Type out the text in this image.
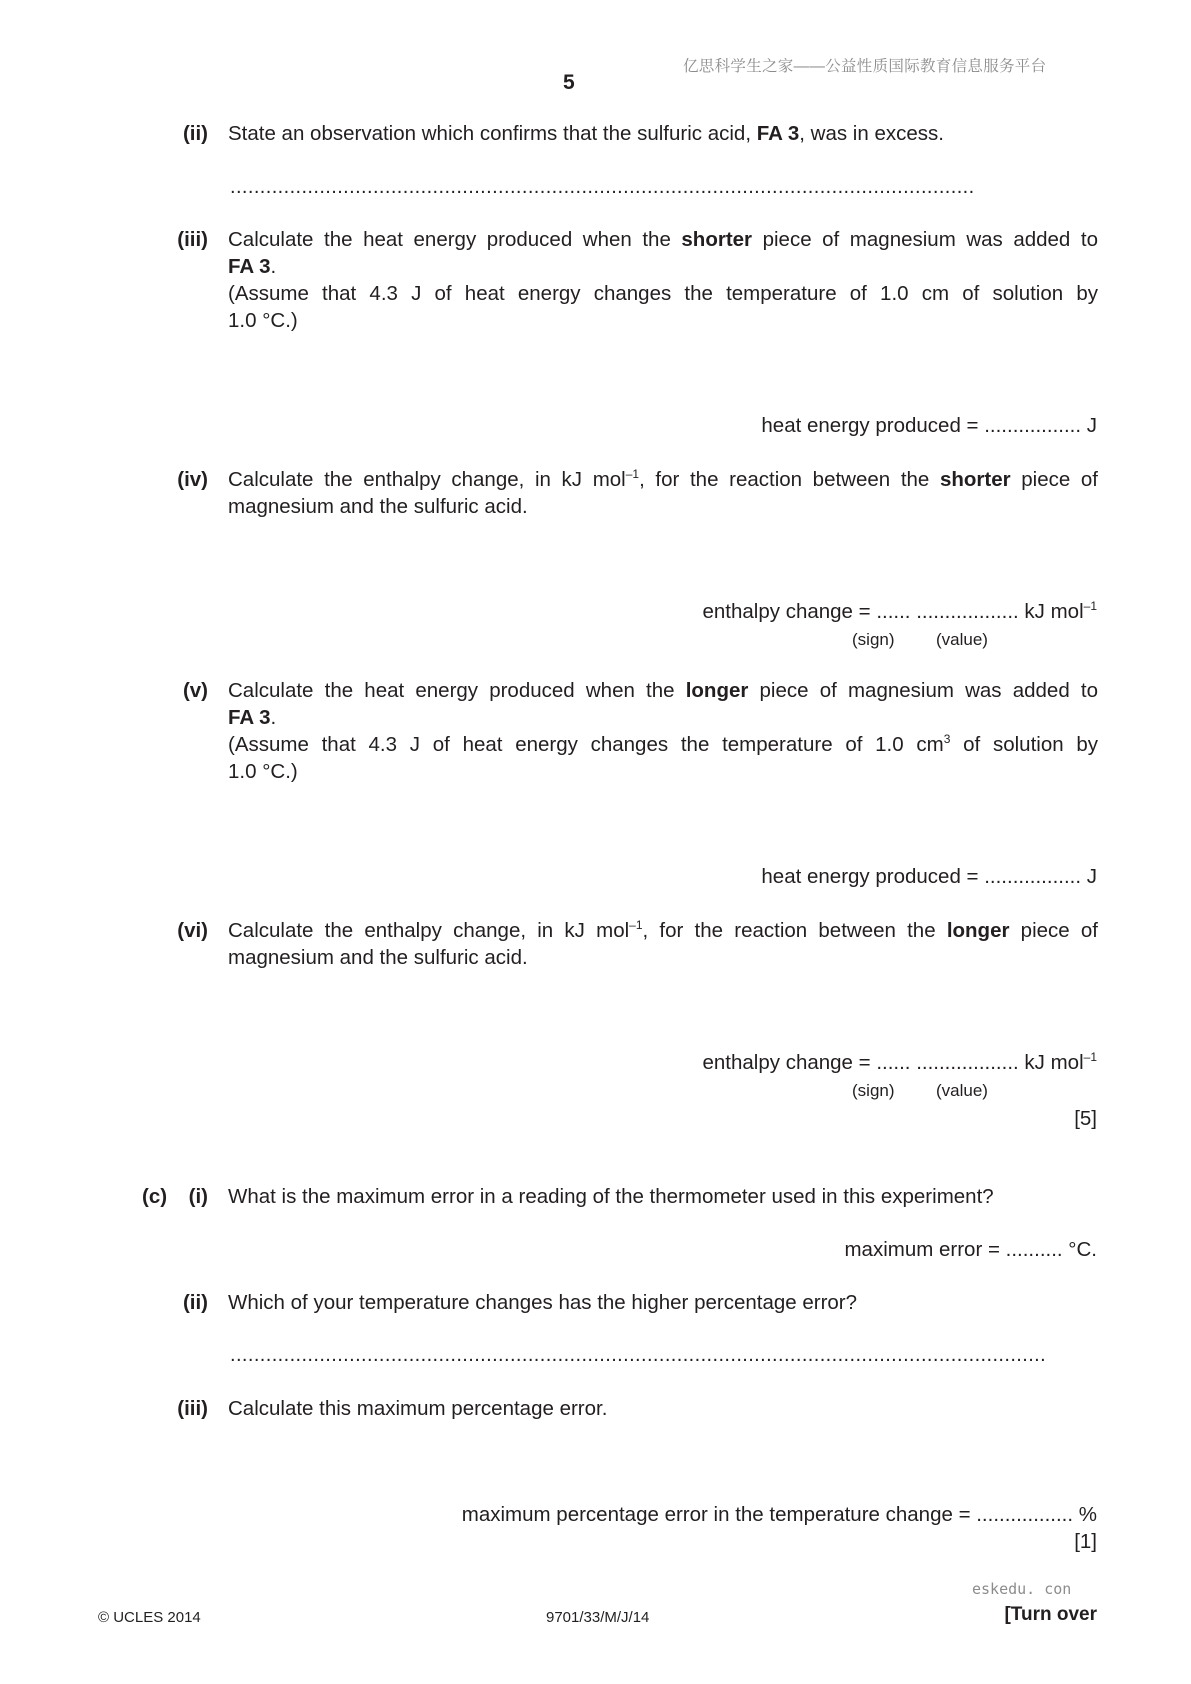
亿思科学生之家——公益性质国际教育信息服务平台
5
(ii) State an observation which confirms that the sulfuric acid, FA 3, was in excess.
.............................................................................................................................
(iii) Calculate the heat energy produced when the shorter piece of magnesium was added to
FA 3.
(Assume that 4.3 J of heat energy changes the temperature of 1.0 cm of solution by
1.0 °C.)
heat energy produced = ................. J
(iv) Calculate the enthalpy change, in kJ mol$^{-1}$, for the reaction between the shorter piece of
magnesium and the sulfuric acid.
enthalpy change = ...... .................. kJ mol$^{-1}$
(sign) (value)
(v) Calculate the heat energy produced when the longer piece of magnesium was added to
FA 3.
(Assume that 4.3 J of heat energy changes the temperature of 1.0 $cm^3$ of solution by
1.0 °C.)
heat energy produced = ................. J
(vi) Calculate the enthalpy change, in kJ mol$^{-1}$, for the reaction between the longer piece of
magnesium and the sulfuric acid.
enthalpy change = ...... .................. kJ mol$^{-1}$
(sign) (value)
[5]
(c)	(i) What is the maximum error in a reading of the thermometer used in this experiment?
maximum error = .......... °C.
(ii) Which of your temperature changes has the higher percentage error?
.........................................................................................................................................
(iii) Calculate this maximum percentage error.
maximum percentage error in the temperature change = ................. %
[1]
eskedu. con
© UCLES 2014	9701/33/M/J/14	[Turn over
